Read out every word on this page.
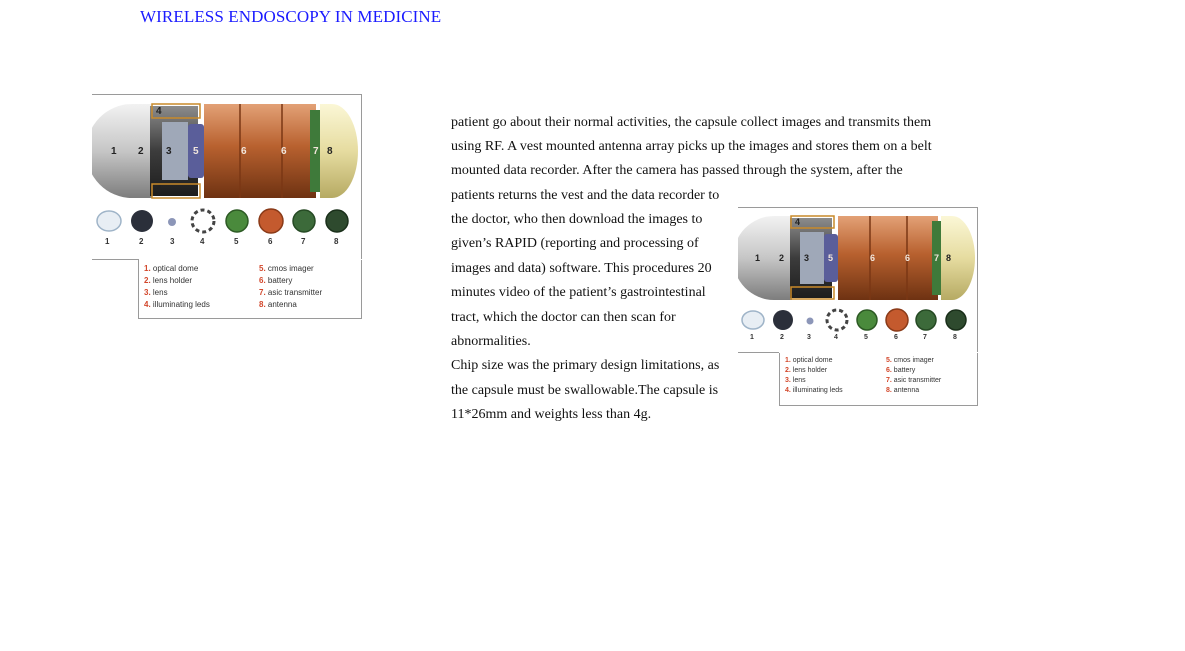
WIRELESS ENDOSCOPY IN MEDICINE
1 2 3 5	6	6	7 8
4
4
1	2	3	4	5	6	7	8
1. optical dome
2. lens holder
3. lens
4. illuminating leds
5. cmos imager
6. battery
7. asic transmitter
8. antenna
patient go about their normal activities, the capsule collect images and transmits them
using RF. A vest mounted antenna array picks up the images and stores them on a belt
mounted data recorder. After the camera has passed through the system, after the
patients returns the vest and the data recorder to
the doctor, who then download the images to
given’s RAPID (reporting and processing of
images and data) software. This procedures 20
minutes video of the patient’s gastrointestinal
tract, which the doctor can then scan for
abnormalities.
Chip size was the primary design limitations, as
the capsule must be swallowable.The capsule is
11*26mm and weights less than 4g.
1 2 3 5	6	6	7 8
4
4
1	2	3	4	5	6	7	8
1. optical dome
2. lens holder
3. lens
4. illuminating leds
5. cmos imager
6. battery
7. asic transmitter
8. antenna
